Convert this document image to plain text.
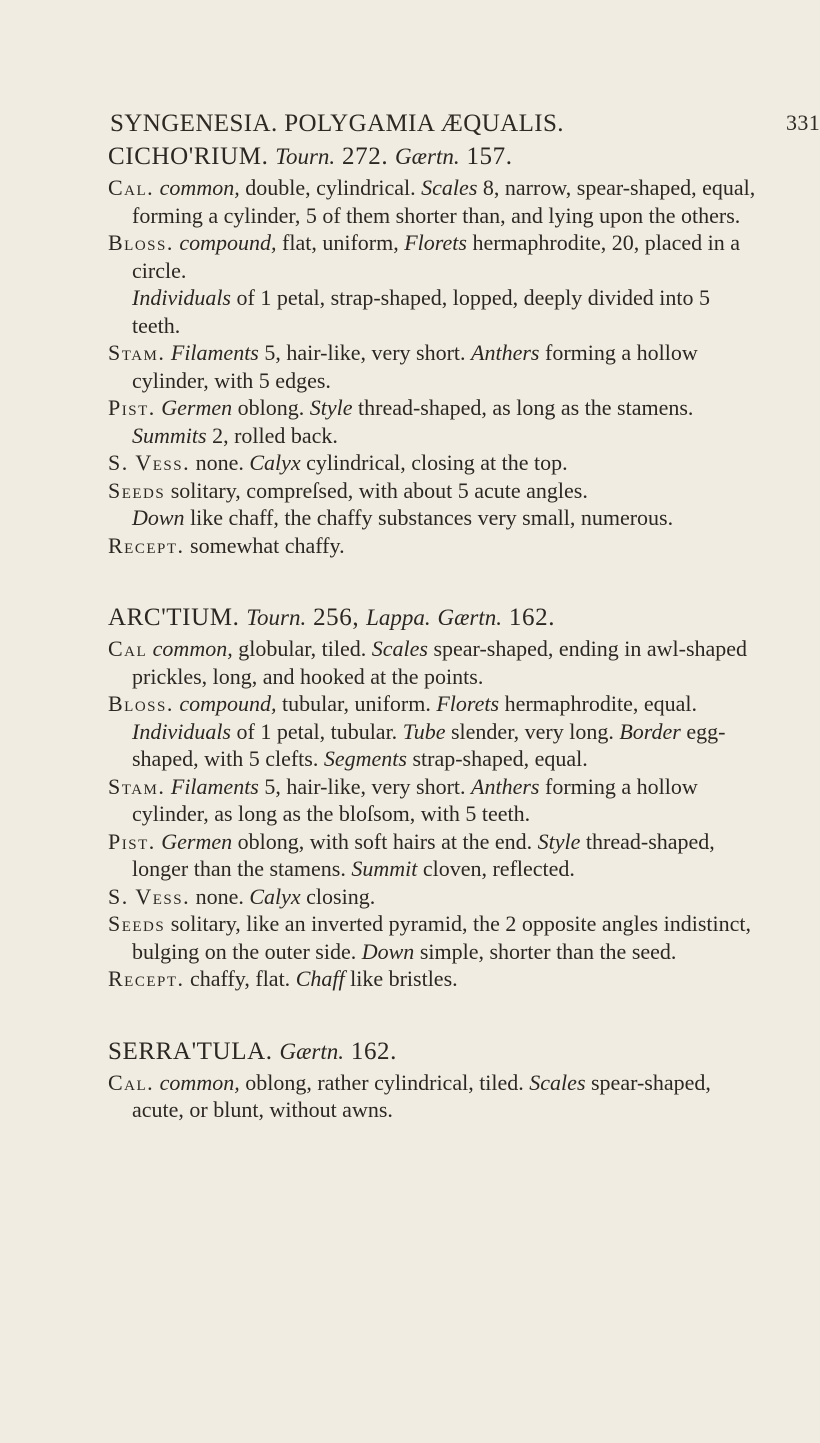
SYNGENESIA. POLYGAMIA ÆQUALIS.	331

CICHO'RIUM. Tourn. 272. Gærtn. 157.

Cal. common, double, cylindrical. Scales 8, narrow, spear-shaped, equal, forming a cylinder, 5 of them shorter than, and lying upon the others.

Bloss. compound, flat, uniform, Florets hermaphrodite, 20, placed in a circle.

Individuals of 1 petal, strap-shaped, lopped, deeply divided into 5 teeth.

Stam. Filaments 5, hair-like, very short. Anthers forming a hollow cylinder, with 5 edges.

Pist. Germen oblong. Style thread-shaped, as long as the stamens. Summits 2, rolled back.

S. Vess. none. Calyx cylindrical, closing at the top.

Seeds solitary, compreſsed, with about 5 acute angles.

Down like chaff, the chaffy substances very small, numerous.

Recept. somewhat chaffy.

ARC'TIUM. Tourn. 256, Lappa. Gærtn. 162.

Cal common, globular, tiled. Scales spear-shaped, ending in awl-shaped prickles, long, and hooked at the points.

Bloss. compound, tubular, uniform. Florets hermaphrodite, equal.

Individuals of 1 petal, tubular. Tube slender, very long. Border egg-shaped, with 5 clefts. Segments strap-shaped, equal.

Stam. Filaments 5, hair-like, very short. Anthers forming a hollow cylinder, as long as the bloſsom, with 5 teeth.

Pist. Germen oblong, with soft hairs at the end. Style thread-shaped, longer than the stamens. Summit cloven, reflected.

S. Vess. none. Calyx closing.

Seeds solitary, like an inverted pyramid, the 2 opposite angles indistinct, bulging on the outer side. Down simple, shorter than the seed.

Recept. chaffy, flat. Chaff like bristles.

SERRA'TULA. Gærtn. 162.

Cal. common, oblong, rather cylindrical, tiled. Scales spear-shaped, acute, or blunt, without awns.
